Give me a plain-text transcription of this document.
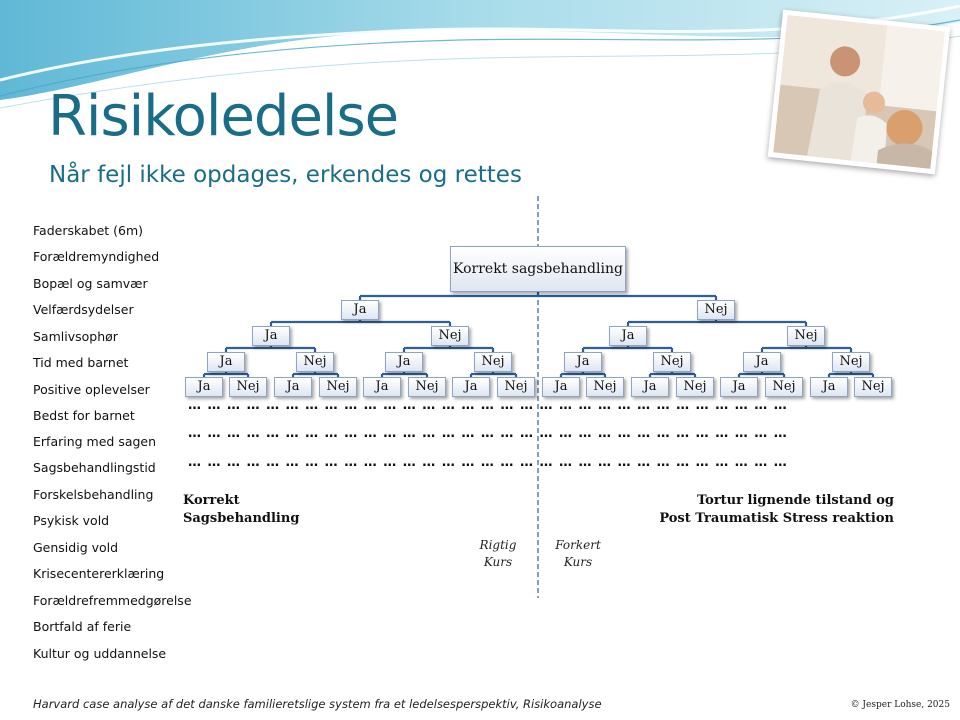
Risikoledelse
Når fejl ikke opdages, erkendes og rettes
Faderskabet (6m)
Forældremyndighed
Bopæl og samvær
Velfærdsydelser
Samlivsophør
Tid med barnet
Positive oplevelser
Bedst for barnet
Erfaring med sagen
Sagsbehandlingstid
Forskelsbehandling
Psykisk vold
Gensidig vold
Krisecentererklæring
Forældrefremmedgørelse
Bortfald af ferie
Kultur og uddannelse
Korrekt sagsbehandling
Ja	Nej
Ja	Nej	Ja	Nej
Ja	Nej	Ja	Nej	Ja	Nej	Ja	Nej
Ja	Nej	Ja	Nej	Ja	Nej	Ja	Nej	Ja	Nej	Ja	Nej	Ja	Nej	Ja	Nej
… … … … … … … … … … … … … … … … … … … … … … … … … … … … … … …
… … … … … … … … … … … … … … … … … … … … … … … … … … … … … … …
… … … … … … … … … … … … … … … … … … … … … … … … … … … … … … …
Korrekt
Sagsbehandling
Tortur lignende tilstand og
Post Traumatisk Stress reaktion
Rigtig
Kurs
Forkert
Kurs
Harvard case analyse af det danske familieretslige system fra et ledelsesperspektiv, Risikoanalyse	© Jesper Lohse, 2025
